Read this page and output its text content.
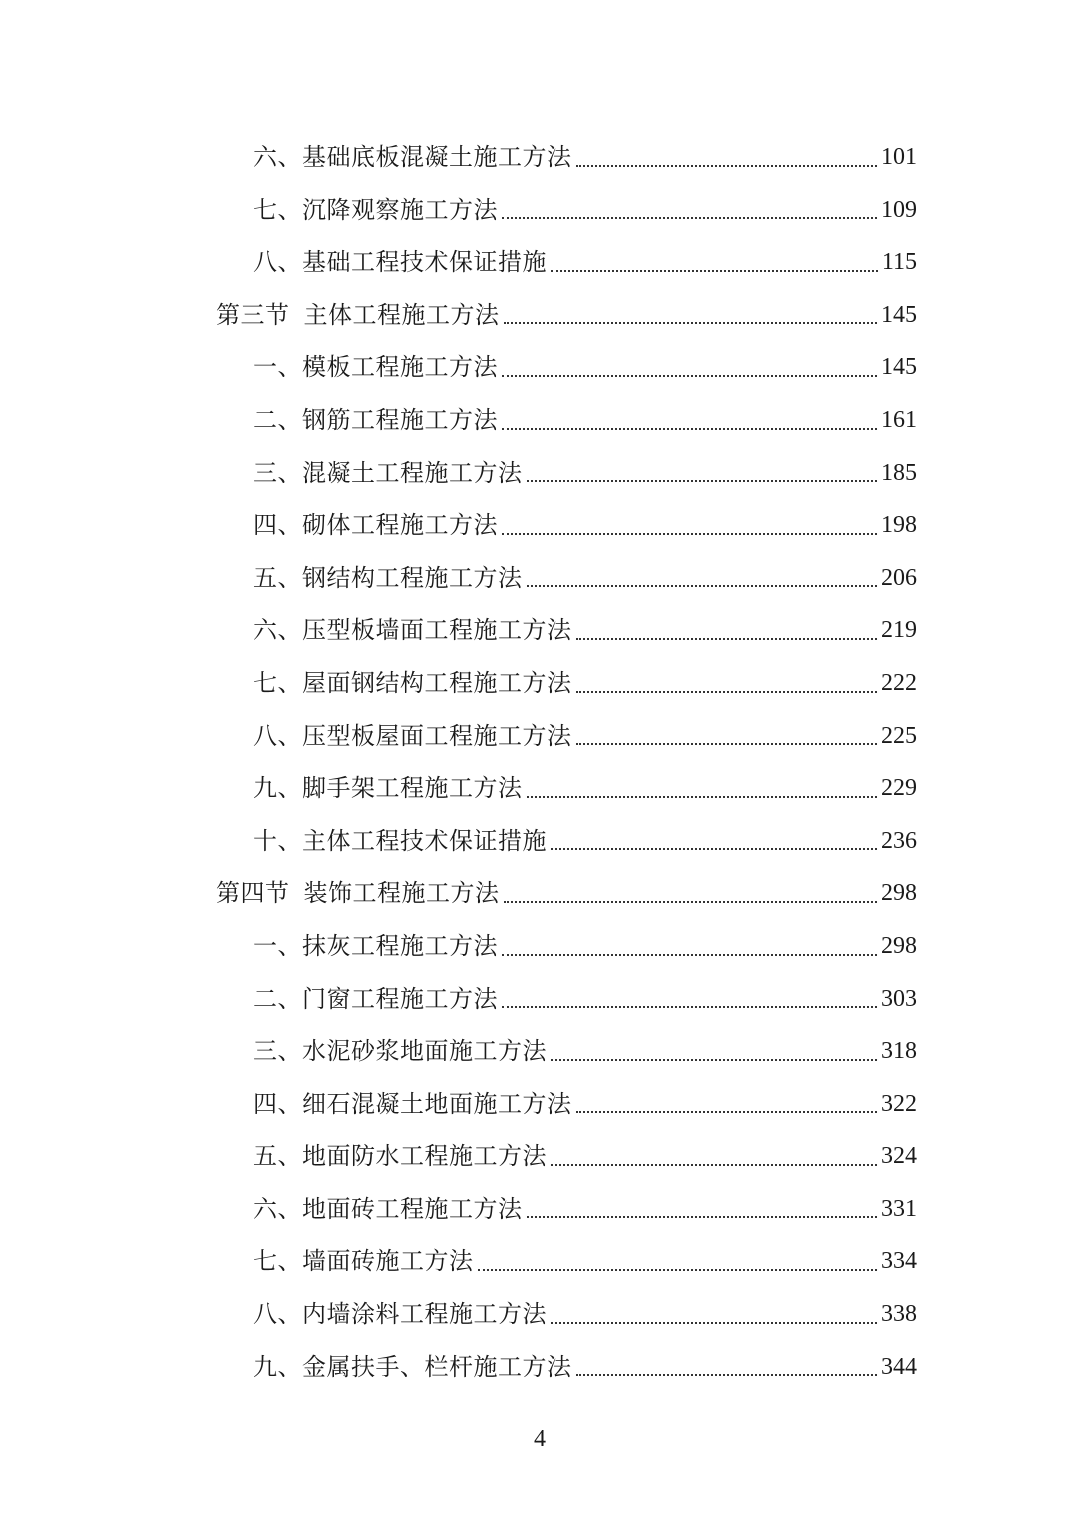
六、基础底板混凝土施工方法	101
七、沉降观察施工方法	109
八、基础工程技术保证措施	115
第三节 主体工程施工方法	145
一、模板工程施工方法	145
二、钢筋工程施工方法	161
三、混凝土工程施工方法	185
四、砌体工程施工方法	198
五、钢结构工程施工方法	206
六、压型板墙面工程施工方法	219
七、屋面钢结构工程施工方法	222
八、压型板屋面工程施工方法	225
九、脚手架工程施工方法	229
十、主体工程技术保证措施	236
第四节 装饰工程施工方法	298
一、抹灰工程施工方法	298
二、门窗工程施工方法	303
三、水泥砂浆地面施工方法	318
四、细石混凝土地面施工方法	322
五、地面防水工程施工方法	324
六、地面砖工程施工方法	331
七、墙面砖施工方法	334
八、内墙涂料工程施工方法	338
九、金属扶手、栏杆施工方法	344
4
